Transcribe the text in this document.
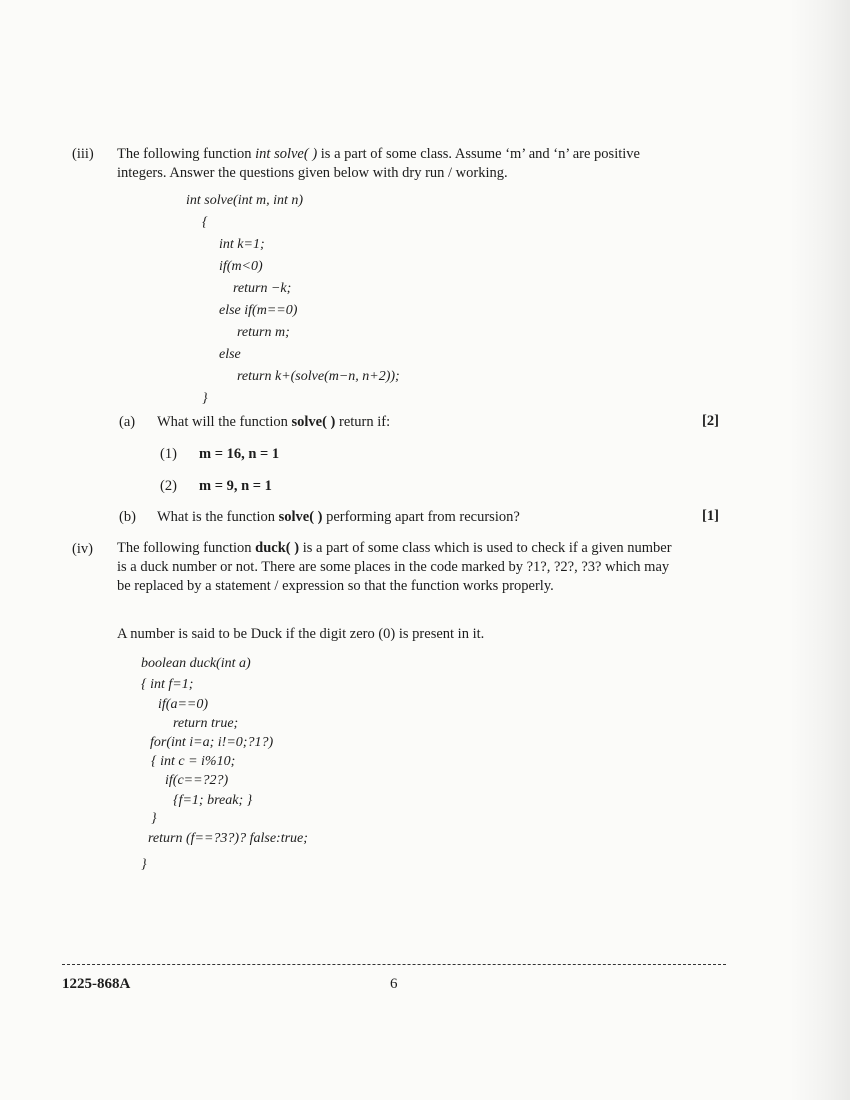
(iii) The following function int solve( ) is a part of some class. Assume ‘m’ and ‘n’ are positive integers. Answer the questions given below with dry run / working.
int solve(int m, int n)
{
int k=1;
if(m<0)
return −k;
else if(m==0)
return m;
else
return k+(solve(m−n, n+2));
}
(a) What will the function solve( ) return if:	[2]
(1) m = 16, n = 1
(2) m = 9, n = 1
(b) What is the function solve( ) performing apart from recursion?	[1]
(iv) The following function duck( ) is a part of some class which is used to check if a given number is a duck number or not. There are some places in the code marked by ?1?, ?2?, ?3? which may be replaced by a statement / expression so that the function works properly.
A number is said to be Duck if the digit zero (0) is present in it.
boolean duck(int a)
{ int f=1;
if(a==0)
return true;
for(int i=a; i!=0;?1?)
{ int c = i%10;
if(c==?2?)
{f=1; break; }
}
return (f==?3?)? false:true;
}
1225-868A	6
